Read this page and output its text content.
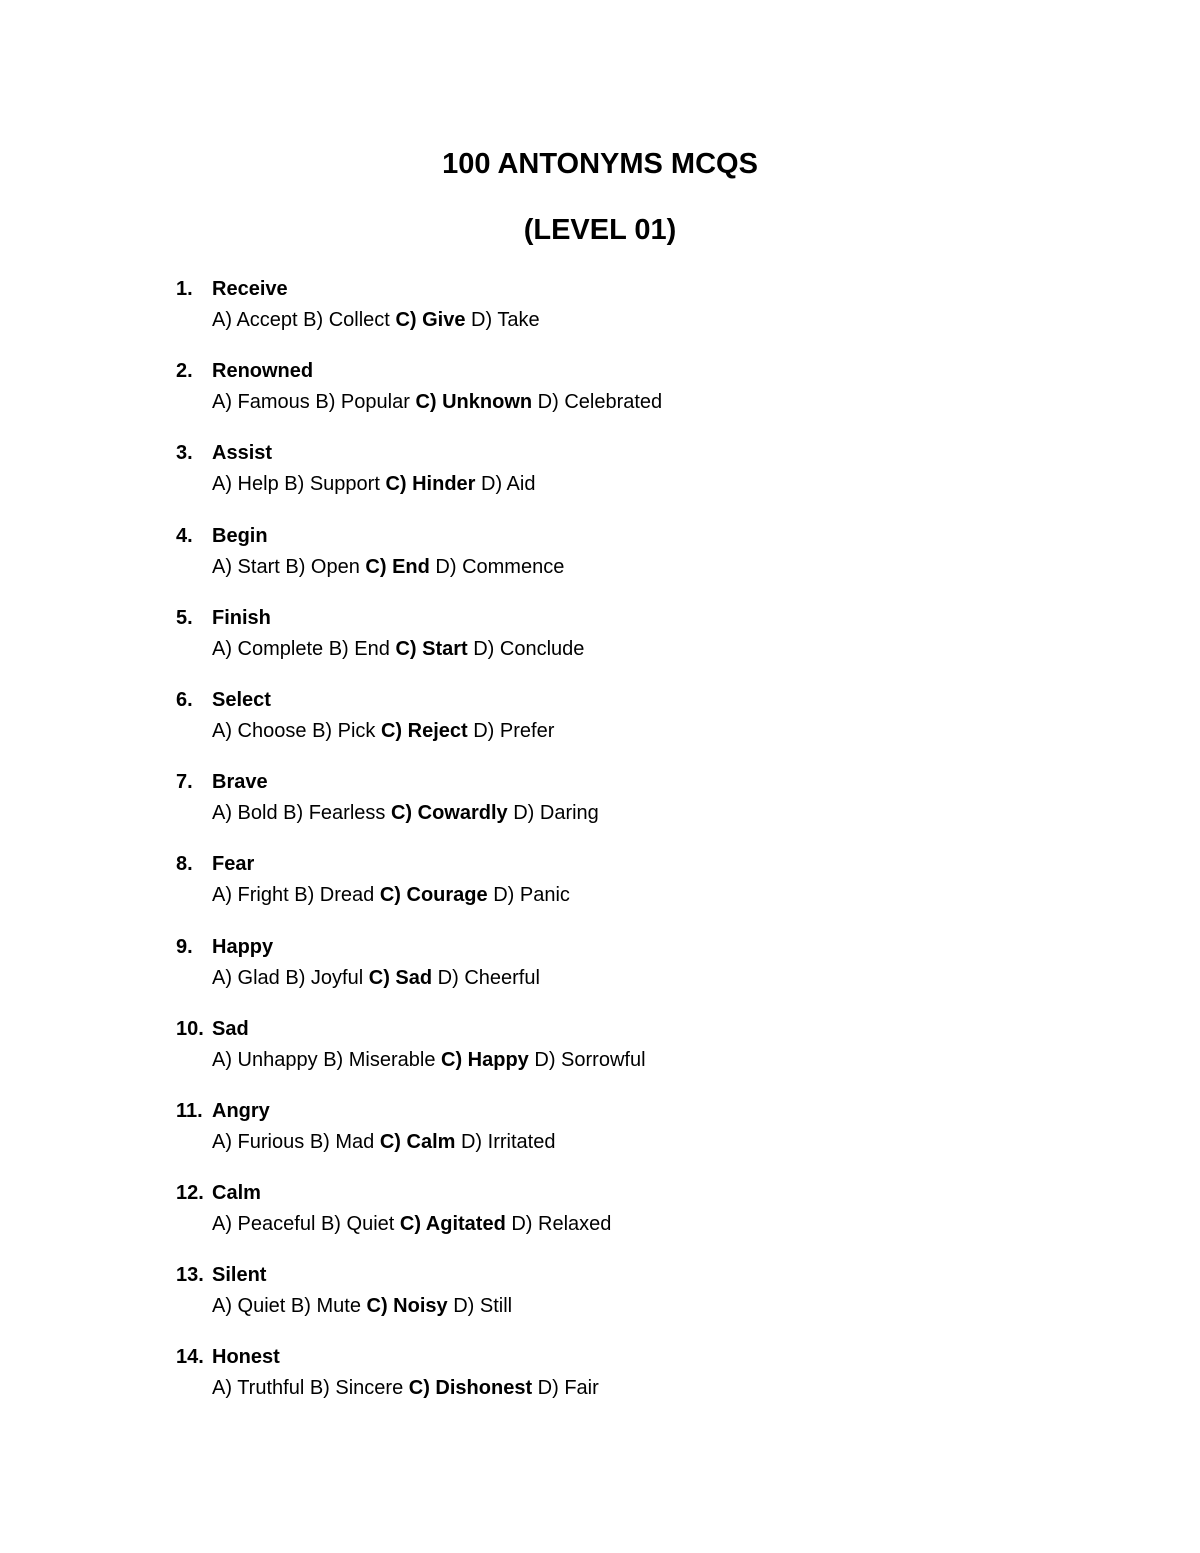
100 ANTONYMS MCQS
(LEVEL 01)
1. Receive
A) Accept B) Collect C) Give D) Take
2. Renowned
A) Famous B) Popular C) Unknown D) Celebrated
3. Assist
A) Help B) Support C) Hinder D) Aid
4. Begin
A) Start B) Open C) End D) Commence
5. Finish
A) Complete B) End C) Start D) Conclude
6. Select
A) Choose B) Pick C) Reject D) Prefer
7. Brave
A) Bold B) Fearless C) Cowardly D) Daring
8. Fear
A) Fright B) Dread C) Courage D) Panic
9. Happy
A) Glad B) Joyful C) Sad D) Cheerful
10. Sad
A) Unhappy B) Miserable C) Happy D) Sorrowful
11. Angry
A) Furious B) Mad C) Calm D) Irritated
12. Calm
A) Peaceful B) Quiet C) Agitated D) Relaxed
13. Silent
A) Quiet B) Mute C) Noisy D) Still
14. Honest
A) Truthful B) Sincere C) Dishonest D) Fair
